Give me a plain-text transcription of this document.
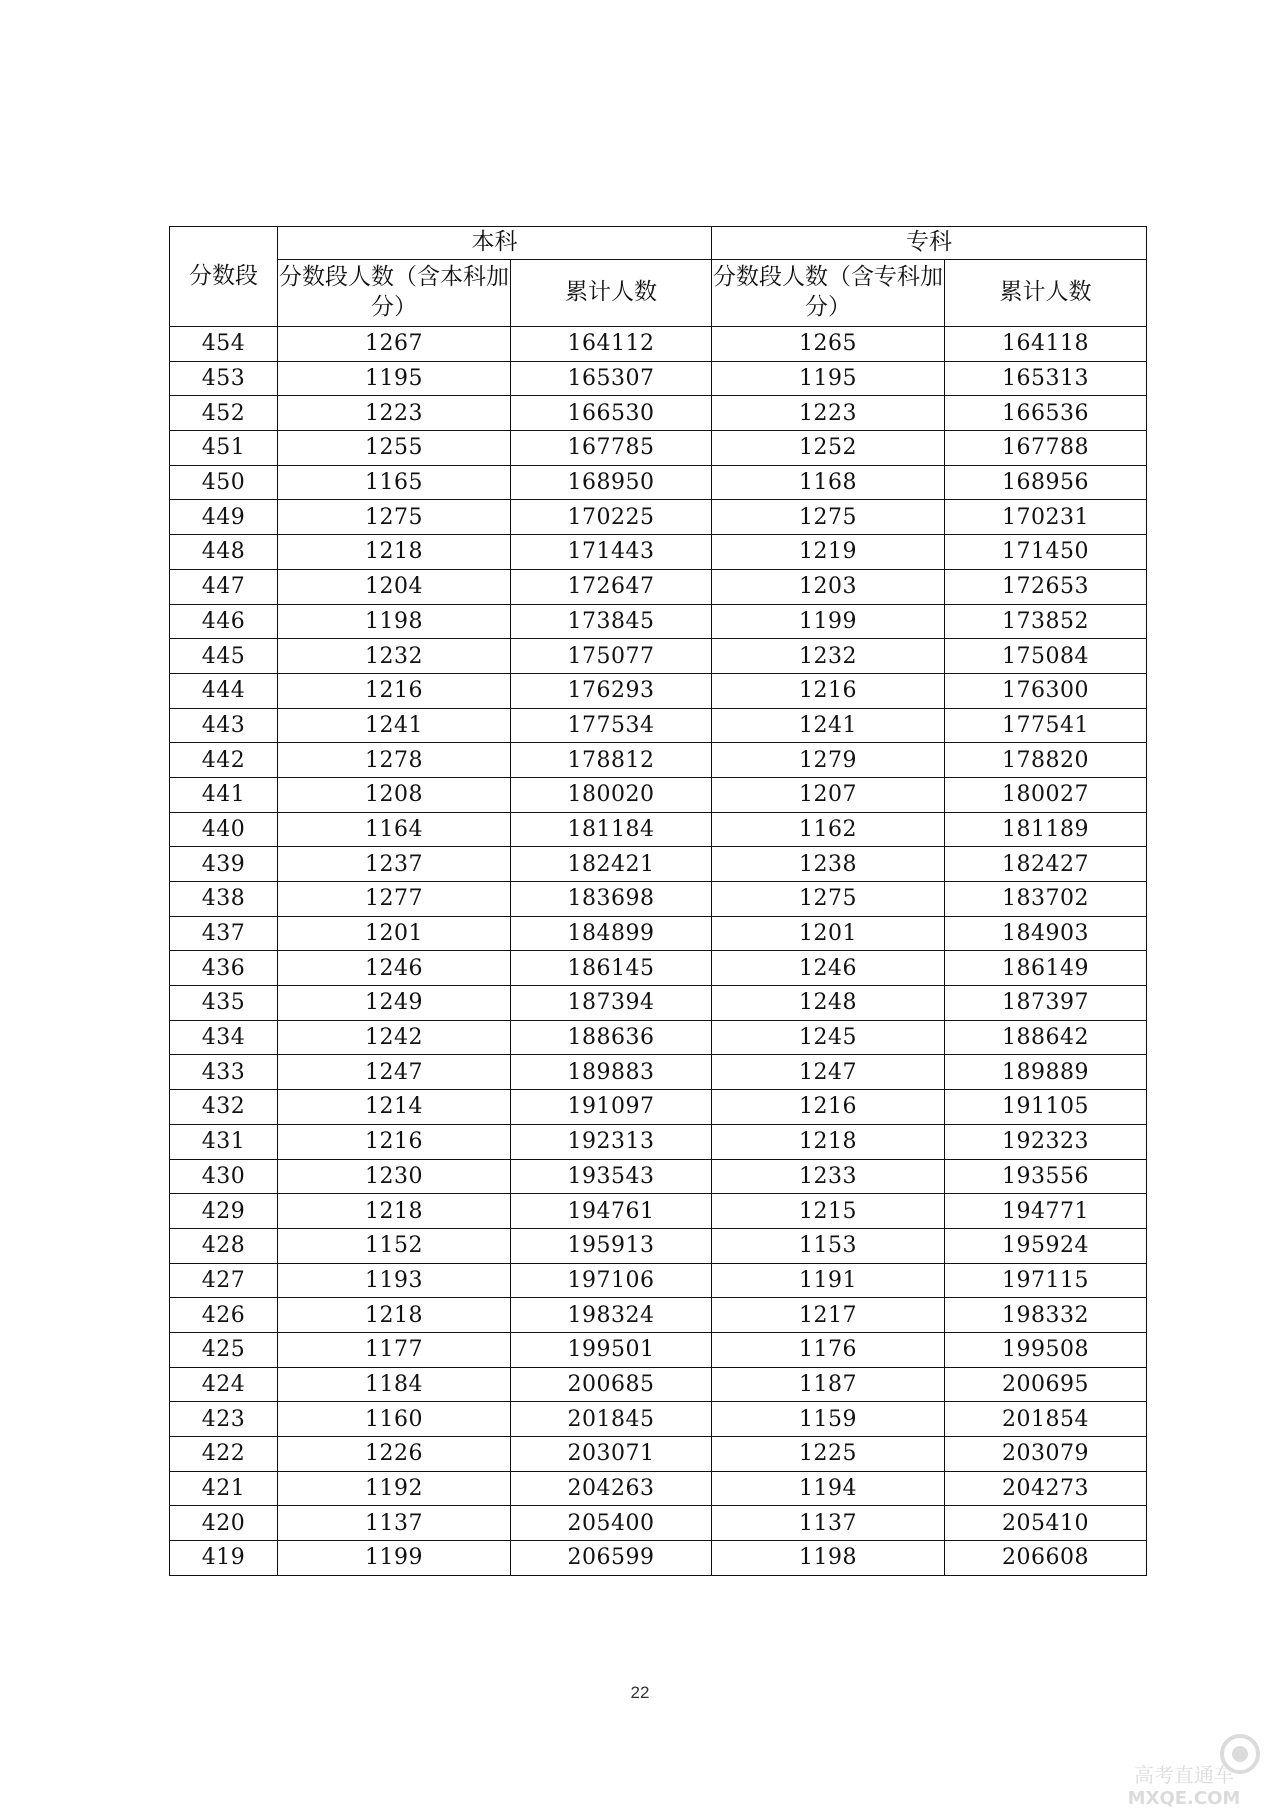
分数段	本科		专科	
	分数段人数（含本科加分）	累计人数	分数段人数（含专科加分）	累计人数
454	1267	164112	1265	164118
453	1195	165307	1195	165313
452	1223	166530	1223	166536
451	1255	167785	1252	167788
450	1165	168950	1168	168956
449	1275	170225	1275	170231
448	1218	171443	1219	171450
447	1204	172647	1203	172653
446	1198	173845	1199	173852
445	1232	175077	1232	175084
444	1216	176293	1216	176300
443	1241	177534	1241	177541
442	1278	178812	1279	178820
441	1208	180020	1207	180027
440	1164	181184	1162	181189
439	1237	182421	1238	182427
438	1277	183698	1275	183702
437	1201	184899	1201	184903
436	1246	186145	1246	186149
435	1249	187394	1248	187397
434	1242	188636	1245	188642
433	1247	189883	1247	189889
432	1214	191097	1216	191105
431	1216	192313	1218	192323
430	1230	193543	1233	193556
429	1218	194761	1215	194771
428	1152	195913	1153	195924
427	1193	197106	1191	197115
426	1218	198324	1217	198332
425	1177	199501	1176	199508
424	1184	200685	1187	200695
423	1160	201845	1159	201854
422	1226	203071	1225	203079
421	1192	204263	1194	204273
420	1137	205400	1137	205410
419	1199	206599	1198	206608
22
高考直通车
MXQE.COM
